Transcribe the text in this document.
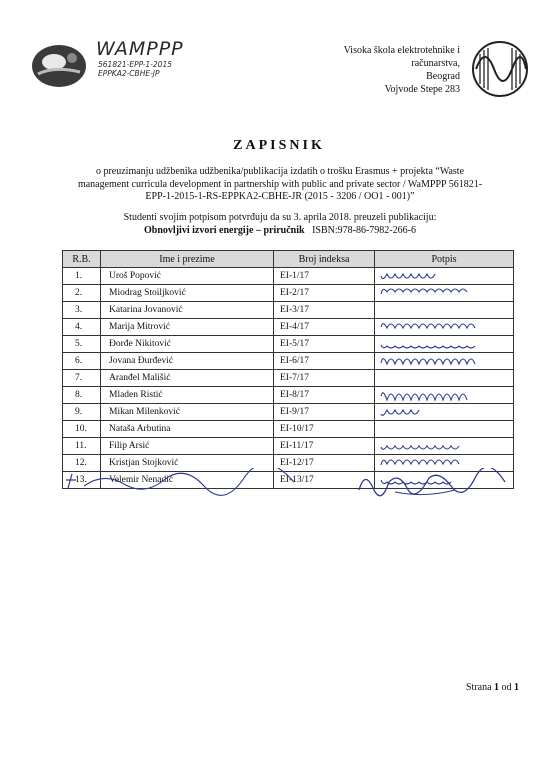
WAMPPP
561821-EPP-1-2015
EPPKA2-CBHE-JP
Visoka škola elektrotehnike i
računarstva,
Beograd
Vojvode Stepe 283
ZAPISNIK
o preuzimanju udžbenika udžbenika/publikacija izdatih o trošku Erasmus + projekta “Waste management curricula development in partnership with public and private sector / WaMPPP 561821-EPP-1-2015-1-RS-EPPKA2-CBHE-JR (2015 - 3206 / OO1 - 001)”
Studenti svojim potpisom potvrđuju da su 3. aprila 2018. preuzeli publikaciju:
Obnovljivi izvori energije – priručnik ISBN:978-86-7982-266-6
R.B.	Ime i prezime	Broj indeksa	Potpis
1.	Uroš Popović	EI-1/17	

2.	Miodrag Stoiljković	EI-2/17	

3.	Katarina Jovanović	EI-3/17	
4.	Marija Mitrović	EI-4/17	

5.	Đorđe Nikitović	EI-5/17	

6.	Jovana Đurđević	EI-6/17	

7.	Aranđel Mališić	EI-7/17	
8.	Mladen Ristić	EI-8/17	

9.	Mikan Milenković	EI-9/17	

10.	Nataša Arbutina	EI-10/17	
11.	Filip Arsić	EI-11/17	

12.	Kristjan Stojković	EI-12/17	

13.	Velemir Nenadić	EI-13/17	
Strana 1 od 1
